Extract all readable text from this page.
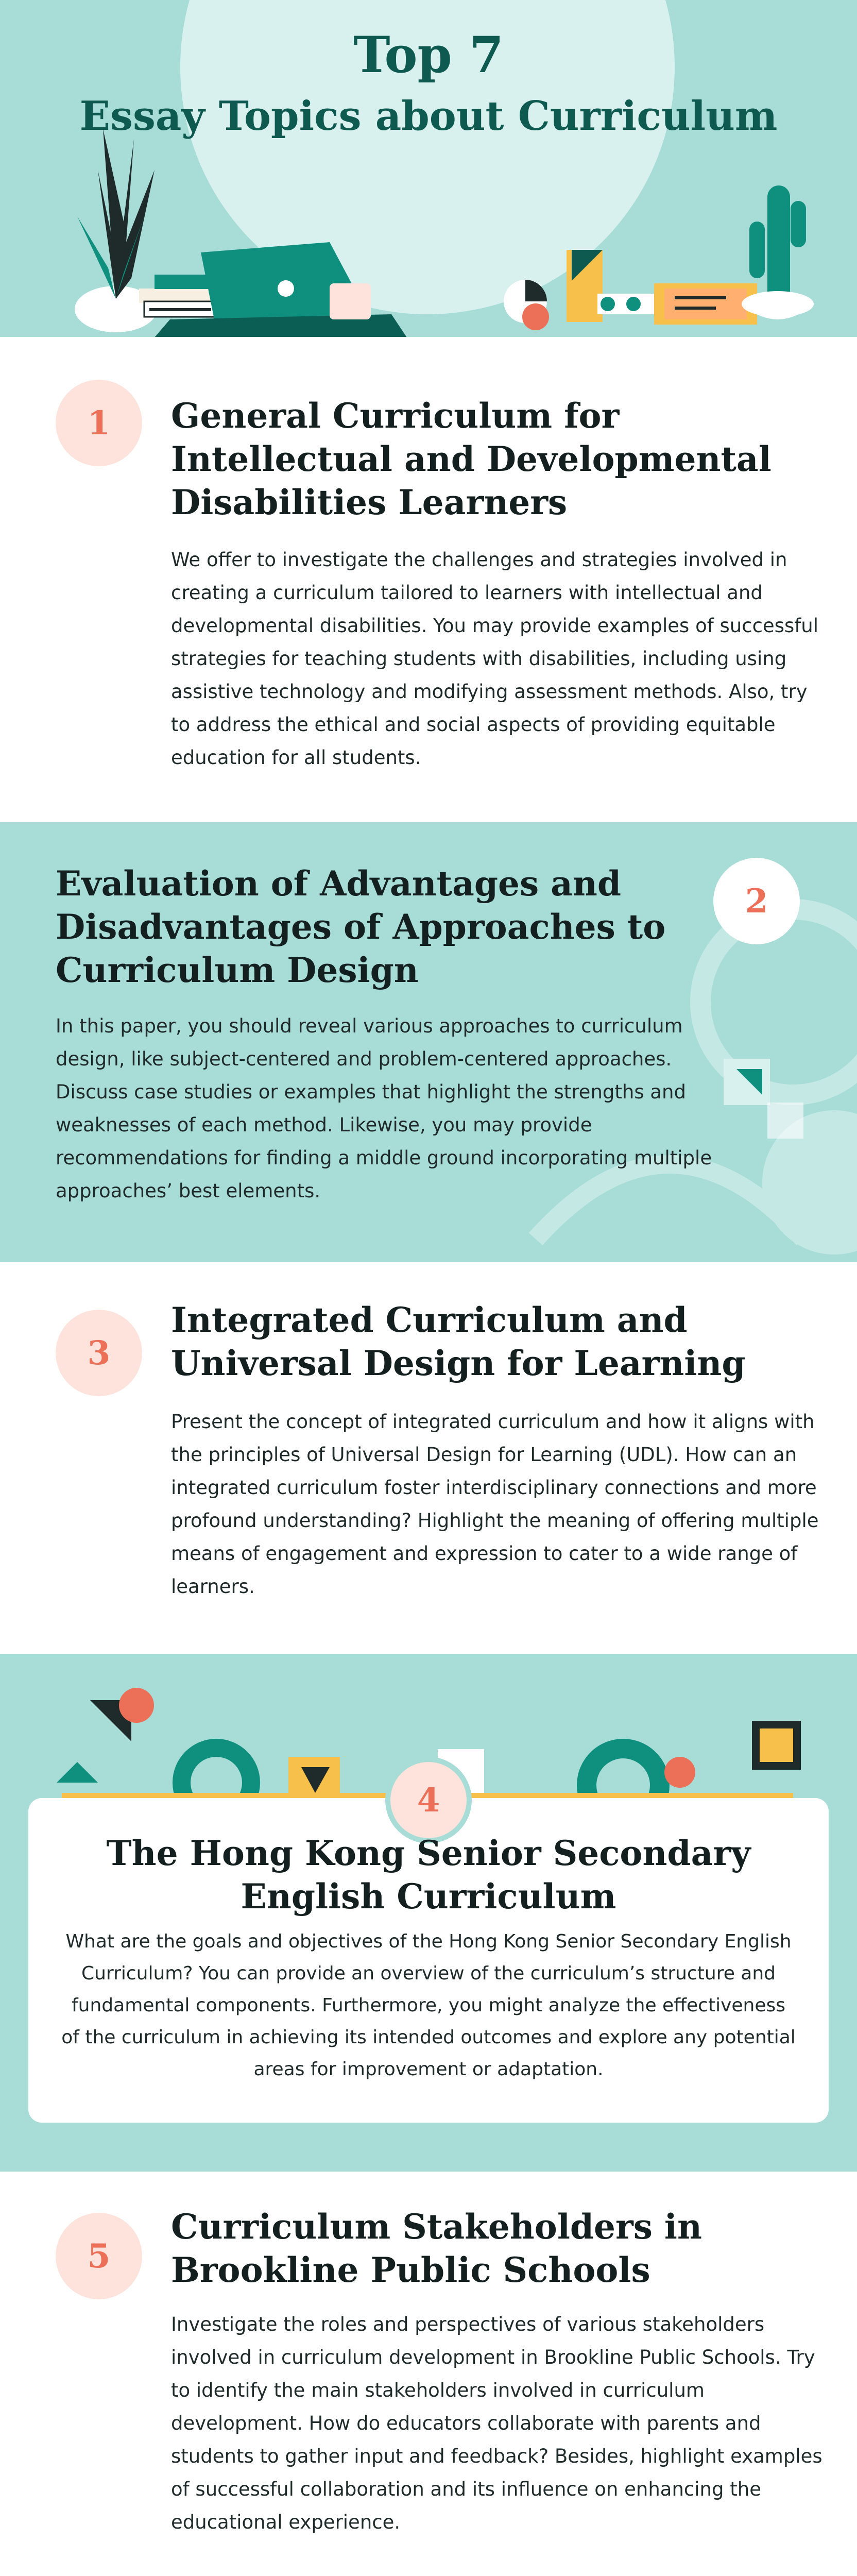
Top 7
Essay Topics about Curriculum
1	General Curriculum for
Intellectual and Developmental
Disabilities Learners
We offer to investigate the challenges and strategies involved in
creating a curriculum tailored to learners with intellectual and
developmental disabilities. You may provide examples of successful
strategies for teaching students with disabilities, including using
assistive technology and modifying assessment methods. Also, try
to address the ethical and social aspects of providing equitable
education for all students.
2
Evaluation of Advantages and
Disadvantages of Approaches to
Curriculum Design
In this paper, you should reveal various approaches to curriculum
design, like subject-centered and problem-centered approaches.
Discuss case studies or examples that highlight the strengths and
weaknesses of each method. Likewise, you may provide
recommendations for finding a middle ground incorporating multiple
approaches’ best elements.
3
Integrated Curriculum and
Universal Design for Learning
Present the concept of integrated curriculum and how it aligns with
the principles of Universal Design for Learning (UDL). How can an
integrated curriculum foster interdisciplinary connections and more
profound understanding? Highlight the meaning of offering multiple
means of engagement and expression to cater to a wide range of
learners.
4
The Hong Kong Senior Secondary
English Curriculum
What are the goals and objectives of the Hong Kong Senior Secondary English
Curriculum? You can provide an overview of the curriculum’s structure and
fundamental components. Furthermore, you might analyze the effectiveness
of the curriculum in achieving its intended outcomes and explore any potential
areas for improvement or adaptation.
5
Curriculum Stakeholders in
Brookline Public Schools
Investigate the roles and perspectives of various stakeholders
involved in curriculum development in Brookline Public Schools. Try
to identify the main stakeholders involved in curriculum
development. How do educators collaborate with parents and
students to gather input and feedback? Besides, highlight examples
of successful collaboration and its influence on enhancing the
educational experience.
